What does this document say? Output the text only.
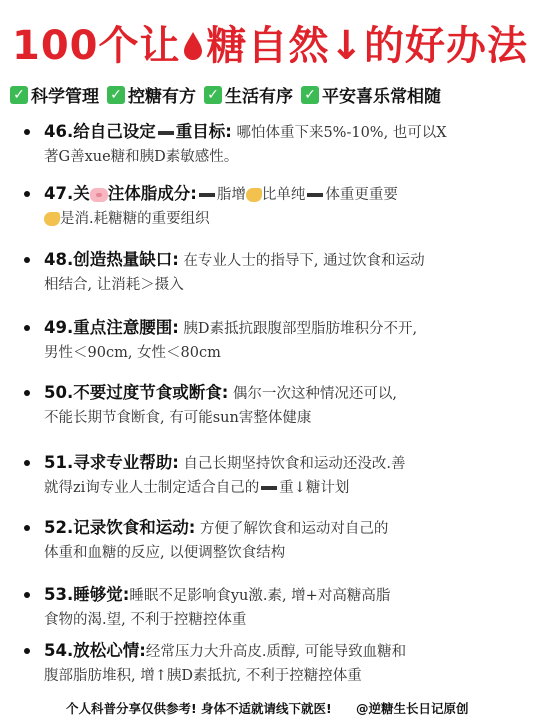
100个让 糖自然↓的好办法
✓ 科学管理 ✓ 控糖有方 ✓ 生活有序 ✓ 平安喜乐常相随
46.给自己设定 重目标: 哪怕体重下来5%-10%, 也可以X
著G善xue糖和胰D素敏感性。
47.关 注体脂成分: 脂增 比单纯 体重更重要
是消.耗糖糖的重要组织
48.创造热量缺口: 在专业人士的指导下, 通过饮食和运动
相结合, 让消耗＞摄入
49.重点注意腰围: 胰D素抵抗跟腹部型脂肪堆积分不开,
男性＜90cm, 女性＜80cm
50.不要过度节食或断食: 偶尔一次这种情况还可以,
不能长期节食断食, 有可能sun害整体健康
51.寻求专业帮助: 自己长期坚持饮食和运动还没改.善
就得zi询专业人士制定适合自己的 重↓糖计划
52.记录饮食和运动: 方便了解饮食和运动对自己的
体重和血糖的反应, 以便调整饮食结构
53.睡够觉:睡眠不足影响食yu激.素, 增+对高糖高脂
食物的渴.望, 不利于控糖控体重
54.放松心情:经常压力大升高皮.质醇, 可能导致血糖和
腹部脂肪堆积, 增↑胰D素抵抗, 不利于控糖控体重
个人科普分享仅供参考! 身体不适就请线下就医! @逆糖生长日记原创
